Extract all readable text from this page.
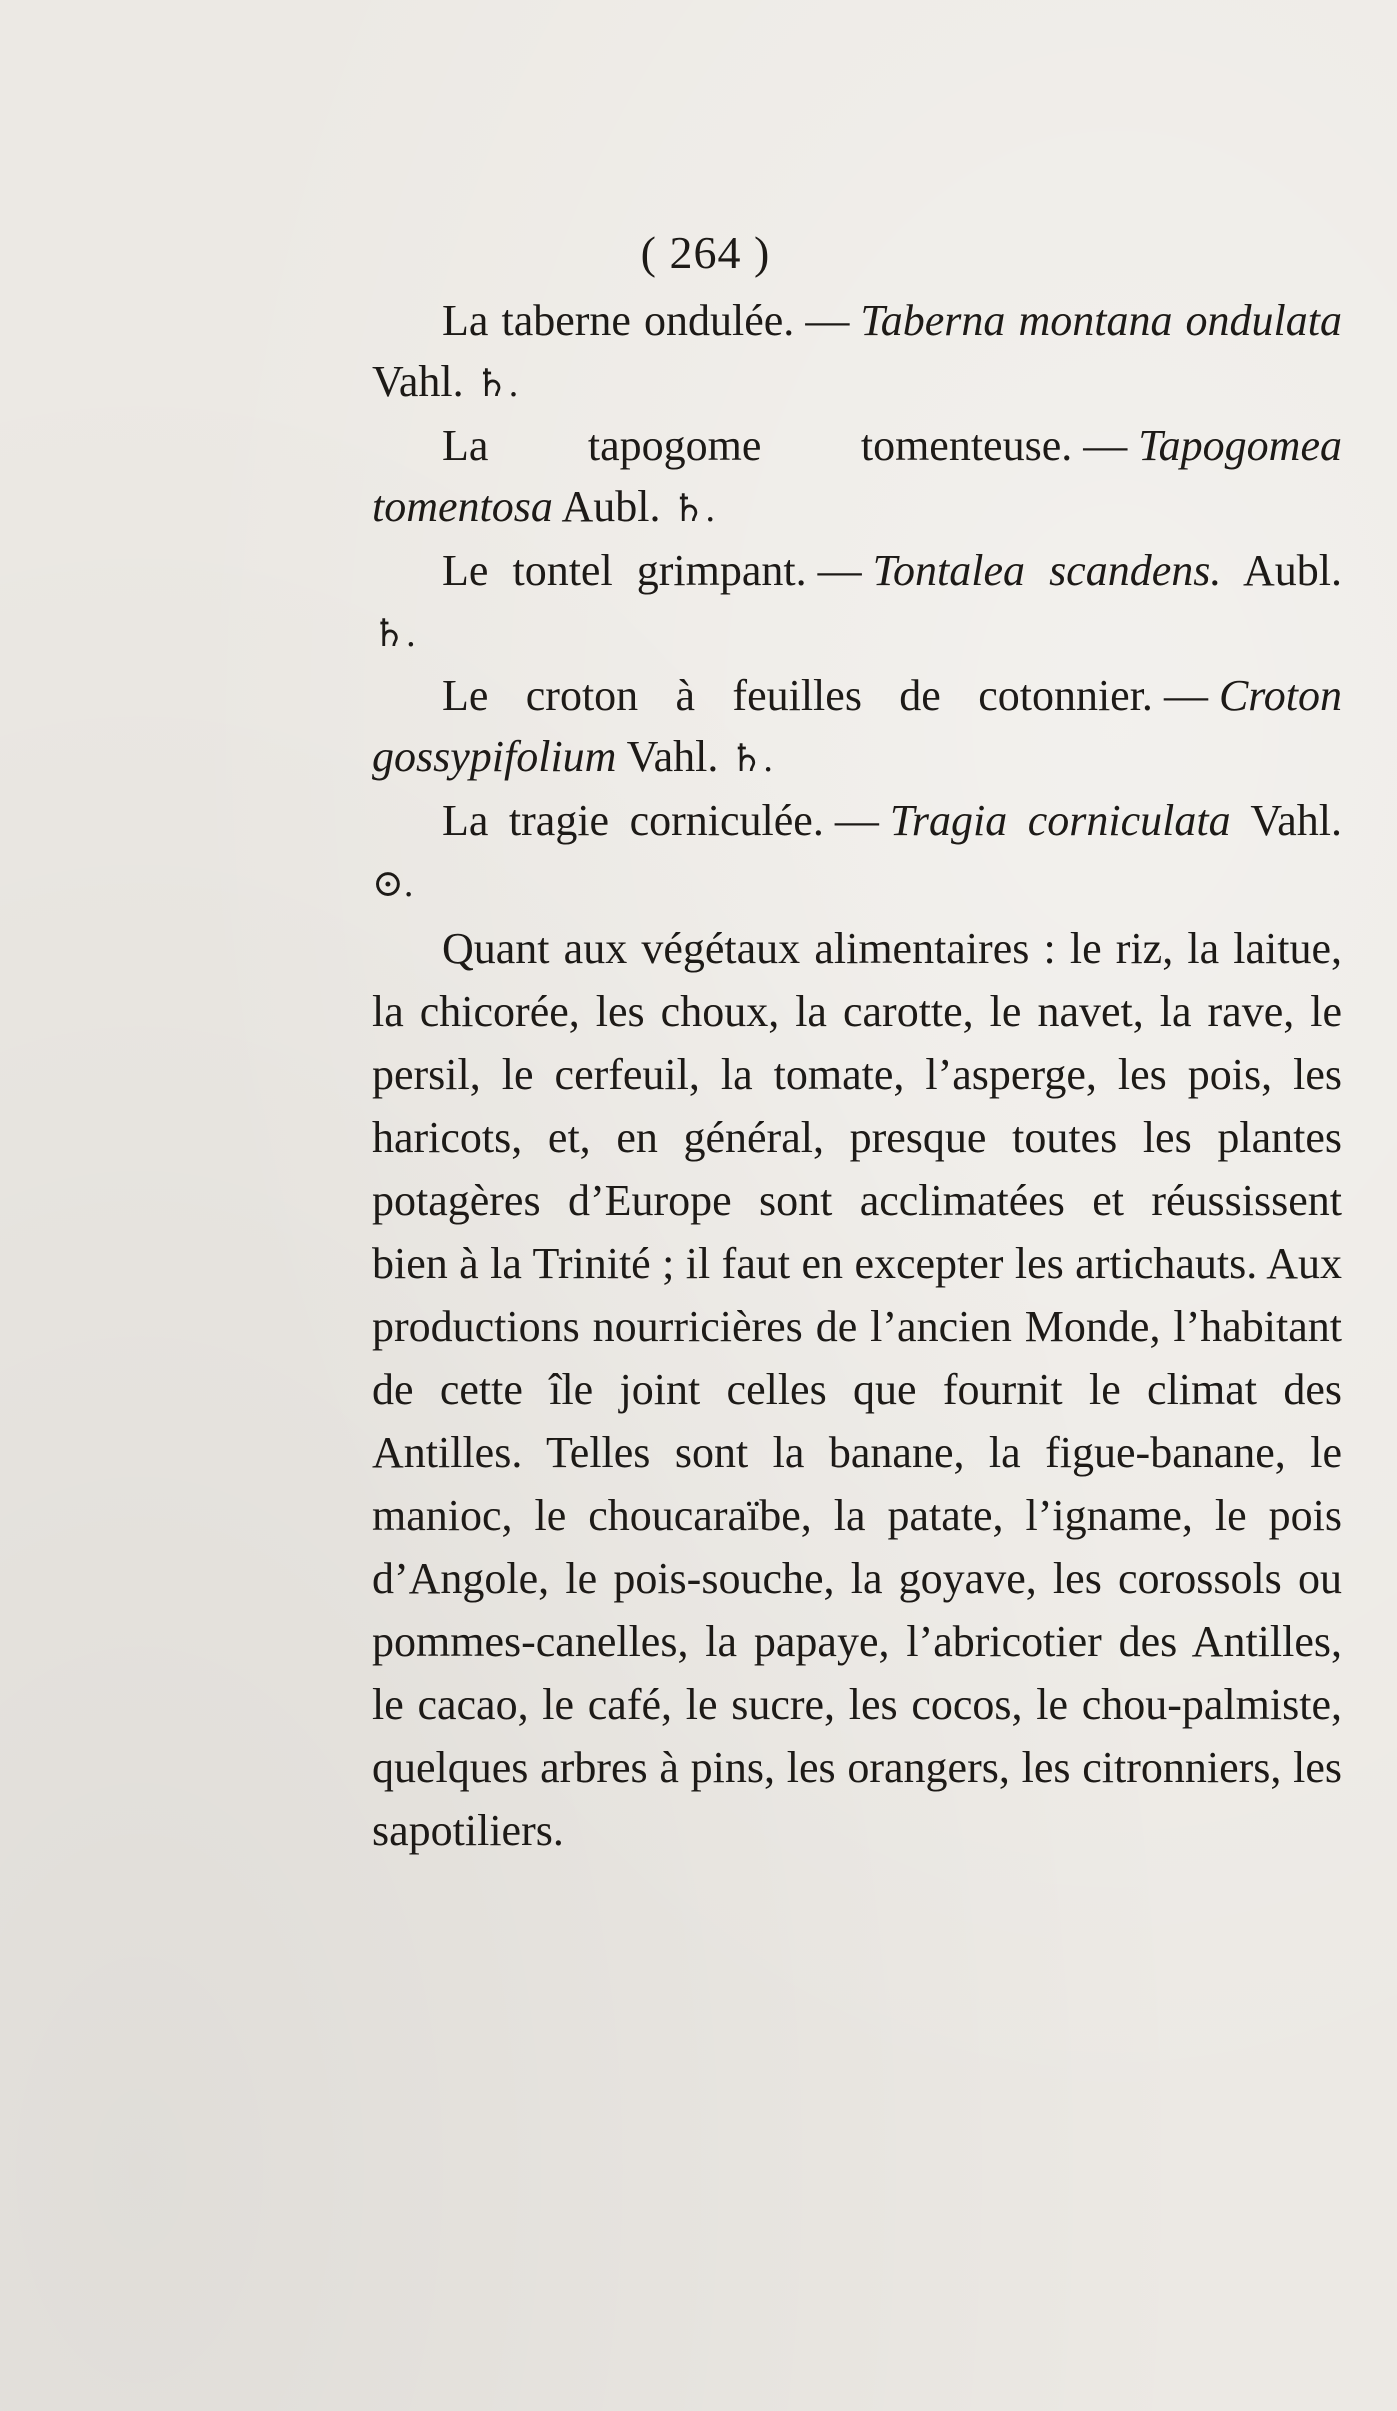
( 264 )

La taberne ondulée. — Taberna montana ondulata Vahl. ♄.

La tapogome tomenteuse. — Tapogomea tomentosa Aubl. ♄.

Le tontel grimpant. — Tontalea scandens. Aubl. ♄.

Le croton à feuilles de cotonnier. — Croton gossypifolium Vahl. ♄.

La tragie corniculée. — Tragia corniculata Vahl. ⊙.

Quant aux végétaux alimentaires : le riz, la laitue, la chicorée, les choux, la carotte, le navet, la rave, le persil, le cerfeuil, la tomate, l’asperge, les pois, les haricots, et, en général, presque toutes les plantes potagères d’Europe sont acclimatées et réussissent bien à la Trinité ; il faut en excepter les artichauts. Aux productions nourricières de l’ancien Monde, l’habitant de cette île joint celles que fournit le climat des Antilles. Telles sont la banane, la figue-banane, le manioc, le choucaraïbe, la patate, l’igname, le pois d’Angole, le pois-souche, la goyave, les corossols ou pommes-canelles, la papaye, l’abricotier des Antilles, le cacao, le café, le sucre, les cocos, le chou-palmiste, quelques arbres à pins, les orangers, les citronniers, les sapotiliers.
